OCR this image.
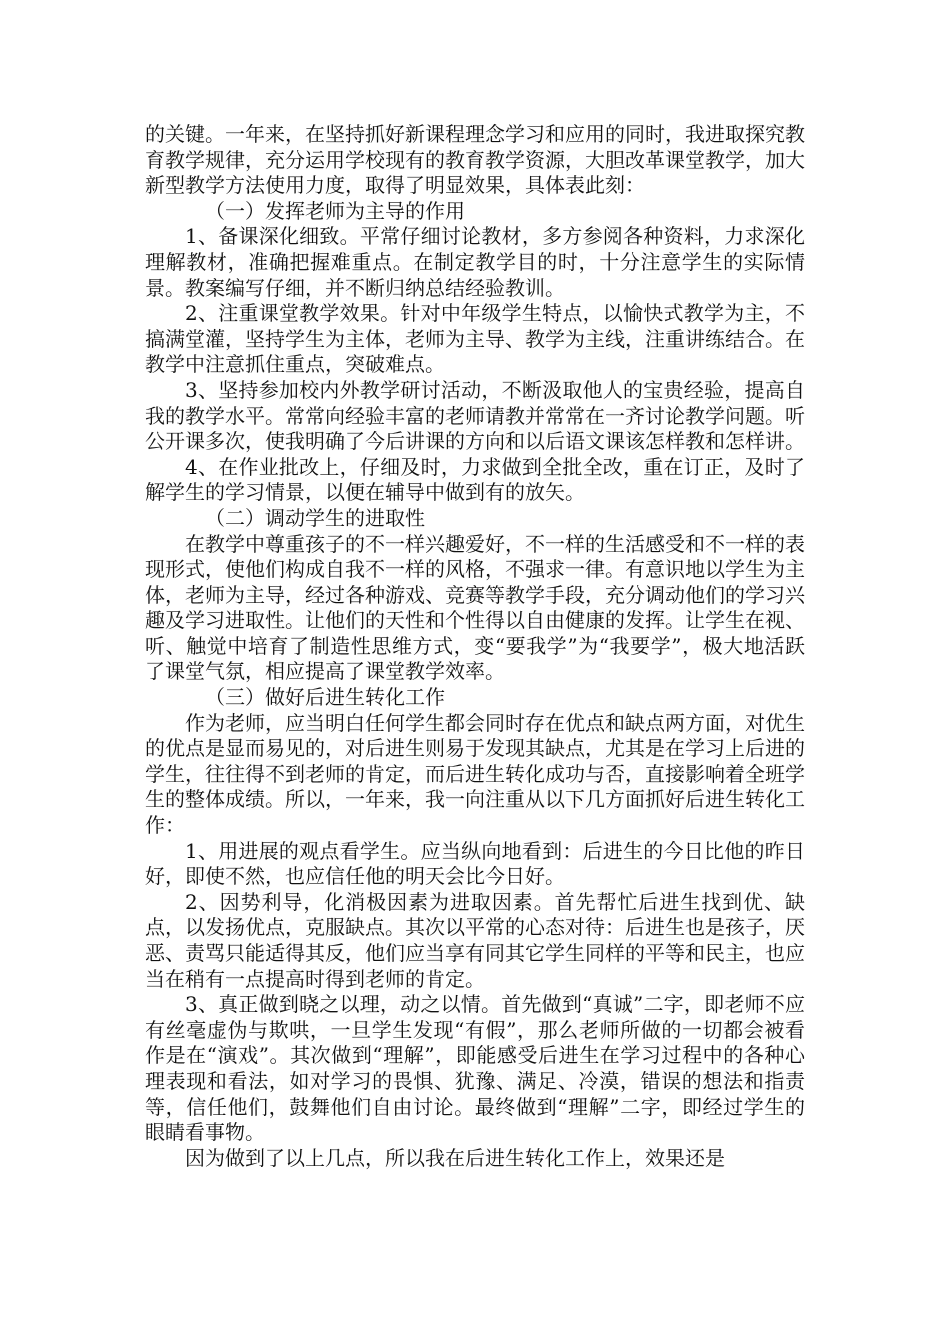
的关键。一年来，在坚持抓好新课程理念学习和应用的同时，我进取探究教育教学规律，充分运用学校现有的教育教学资源，大胆改革课堂教学，加大新型教学方法使用力度，取得了明显效果，具体表此刻：

（一）发挥老师为主导的作用

1、备课深化细致。平常仔细讨论教材，多方参阅各种资料，力求深化理解教材，准确把握难重点。在制定教学目的时，十分注意学生的实际情景。教案编写仔细，并不断归纳总结经验教训。

2、注重课堂教学效果。针对中年级学生特点，以愉快式教学为主，不搞满堂灌，坚持学生为主体，老师为主导、教学为主线，注重讲练结合。在教学中注意抓住重点，突破难点。

3、坚持参加校内外教学研讨活动，不断汲取他人的宝贵经验，提高自我的教学水平。常常向经验丰富的老师请教并常常在一齐讨论教学问题。听公开课多次，使我明确了今后讲课的方向和以后语文课该怎样教和怎样讲。

4、在作业批改上，仔细及时，力求做到全批全改，重在订正，及时了解学生的学习情景，以便在辅导中做到有的放矢。

（二）调动学生的进取性

在教学中尊重孩子的不一样兴趣爱好，不一样的生活感受和不一样的表现形式，使他们构成自我不一样的风格，不强求一律。有意识地以学生为主体，老师为主导，经过各种游戏、竞赛等教学手段，充分调动他们的学习兴趣及学习进取性。让他们的天性和个性得以自由健康的发挥。让学生在视、听、触觉中培育了制造性思维方式，变“要我学”为“我要学”，极大地活跃了课堂气氛，相应提高了课堂教学效率。

（三）做好后进生转化工作

作为老师，应当明白任何学生都会同时存在优点和缺点两方面，对优生的优点是显而易见的，对后进生则易于发现其缺点，尤其是在学习上后进的学生，往往得不到老师的肯定，而后进生转化成功与否，直接影响着全班学生的整体成绩。所以，一年来，我一向注重从以下几方面抓好后进生转化工作：

1、用进展的观点看学生。应当纵向地看到：后进生的今日比他的昨日好，即使不然，也应信任他的明天会比今日好。

2、因势利导，化消极因素为进取因素。首先帮忙后进生找到优、缺点，以发扬优点，克服缺点。其次以平常的心态对待：后进生也是孩子，厌恶、责骂只能适得其反，他们应当享有同其它学生同样的平等和民主，也应当在稍有一点提高时得到老师的肯定。

3、真正做到晓之以理，动之以情。首先做到“真诚”二字，即老师不应有丝毫虚伪与欺哄，一旦学生发现“有假”，那么老师所做的一切都会被看作是在“演戏”。其次做到“理解”，即能感受后进生在学习过程中的各种心理表现和看法，如对学习的畏惧、犹豫、满足、冷漠，错误的想法和指责等，信任他们，鼓舞他们自由讨论。最终做到“理解”二字，即经过学生的眼睛看事物。

因为做到了以上几点，所以我在后进生转化工作上，效果还是
